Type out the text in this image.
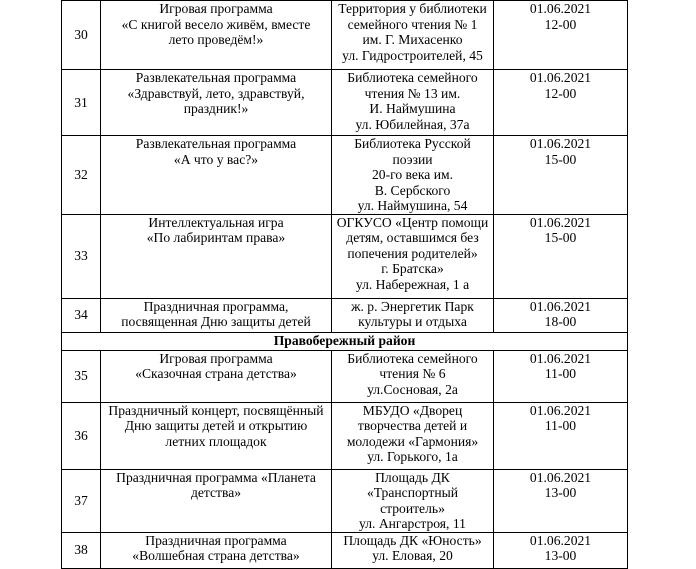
30	Игровая программа
«С книгой весело живём, вместе
лето проведём!»	Территория у библиотеки
семейного чтения № 1
им. Г. Михасенко
ул. Гидростроителей, 45	01.06.2021
12-00
31	Развлекательная программа
«Здравствуй, лето, здравствуй,
праздник!»	Библиотека семейного
чтения № 13 им.
И. Наймушина
ул. Юбилейная, 37а	01.06.2021
12-00
32	Развлекательная программа
«А что у вас?»	Библиотека Русской поэзии
20-го века им.
В. Сербского
ул. Наймушина, 54	01.06.2021
15-00
33	Интеллектуальная игра
«По лабиринтам права»	ОГКУСО «Центр помощи
детям, оставшимся без
попечения родителей»
г. Братска»
ул. Набережная, 1 а	01.06.2021
15-00
34	Праздничная программа,
посвященная Дню защиты детей	ж. р. Энергетик Парк
культуры и отдыха	01.06.2021
18-00
Правобережный район			
35	Игровая программа
«Сказочная страна детства»	Библиотека семейного
чтения № 6
ул.Сосновая, 2а	01.06.2021
11-00
36	Праздничный концерт, посвящённый
Дню защиты детей и открытию
летних площадок	МБУДО «Дворец
творчества детей и
молодежи «Гармония»
ул. Горького, 1а	01.06.2021
11-00
37	Праздничная программа «Планета
детства»	Площадь ДК
«Транспортный строитель»
ул. Ангарстроя, 11	01.06.2021
13-00
38	Праздничная программа
«Волшебная страна детства»	Площадь ДК «Юность»
ул. Еловая, 20	01.06.2021
13-00
